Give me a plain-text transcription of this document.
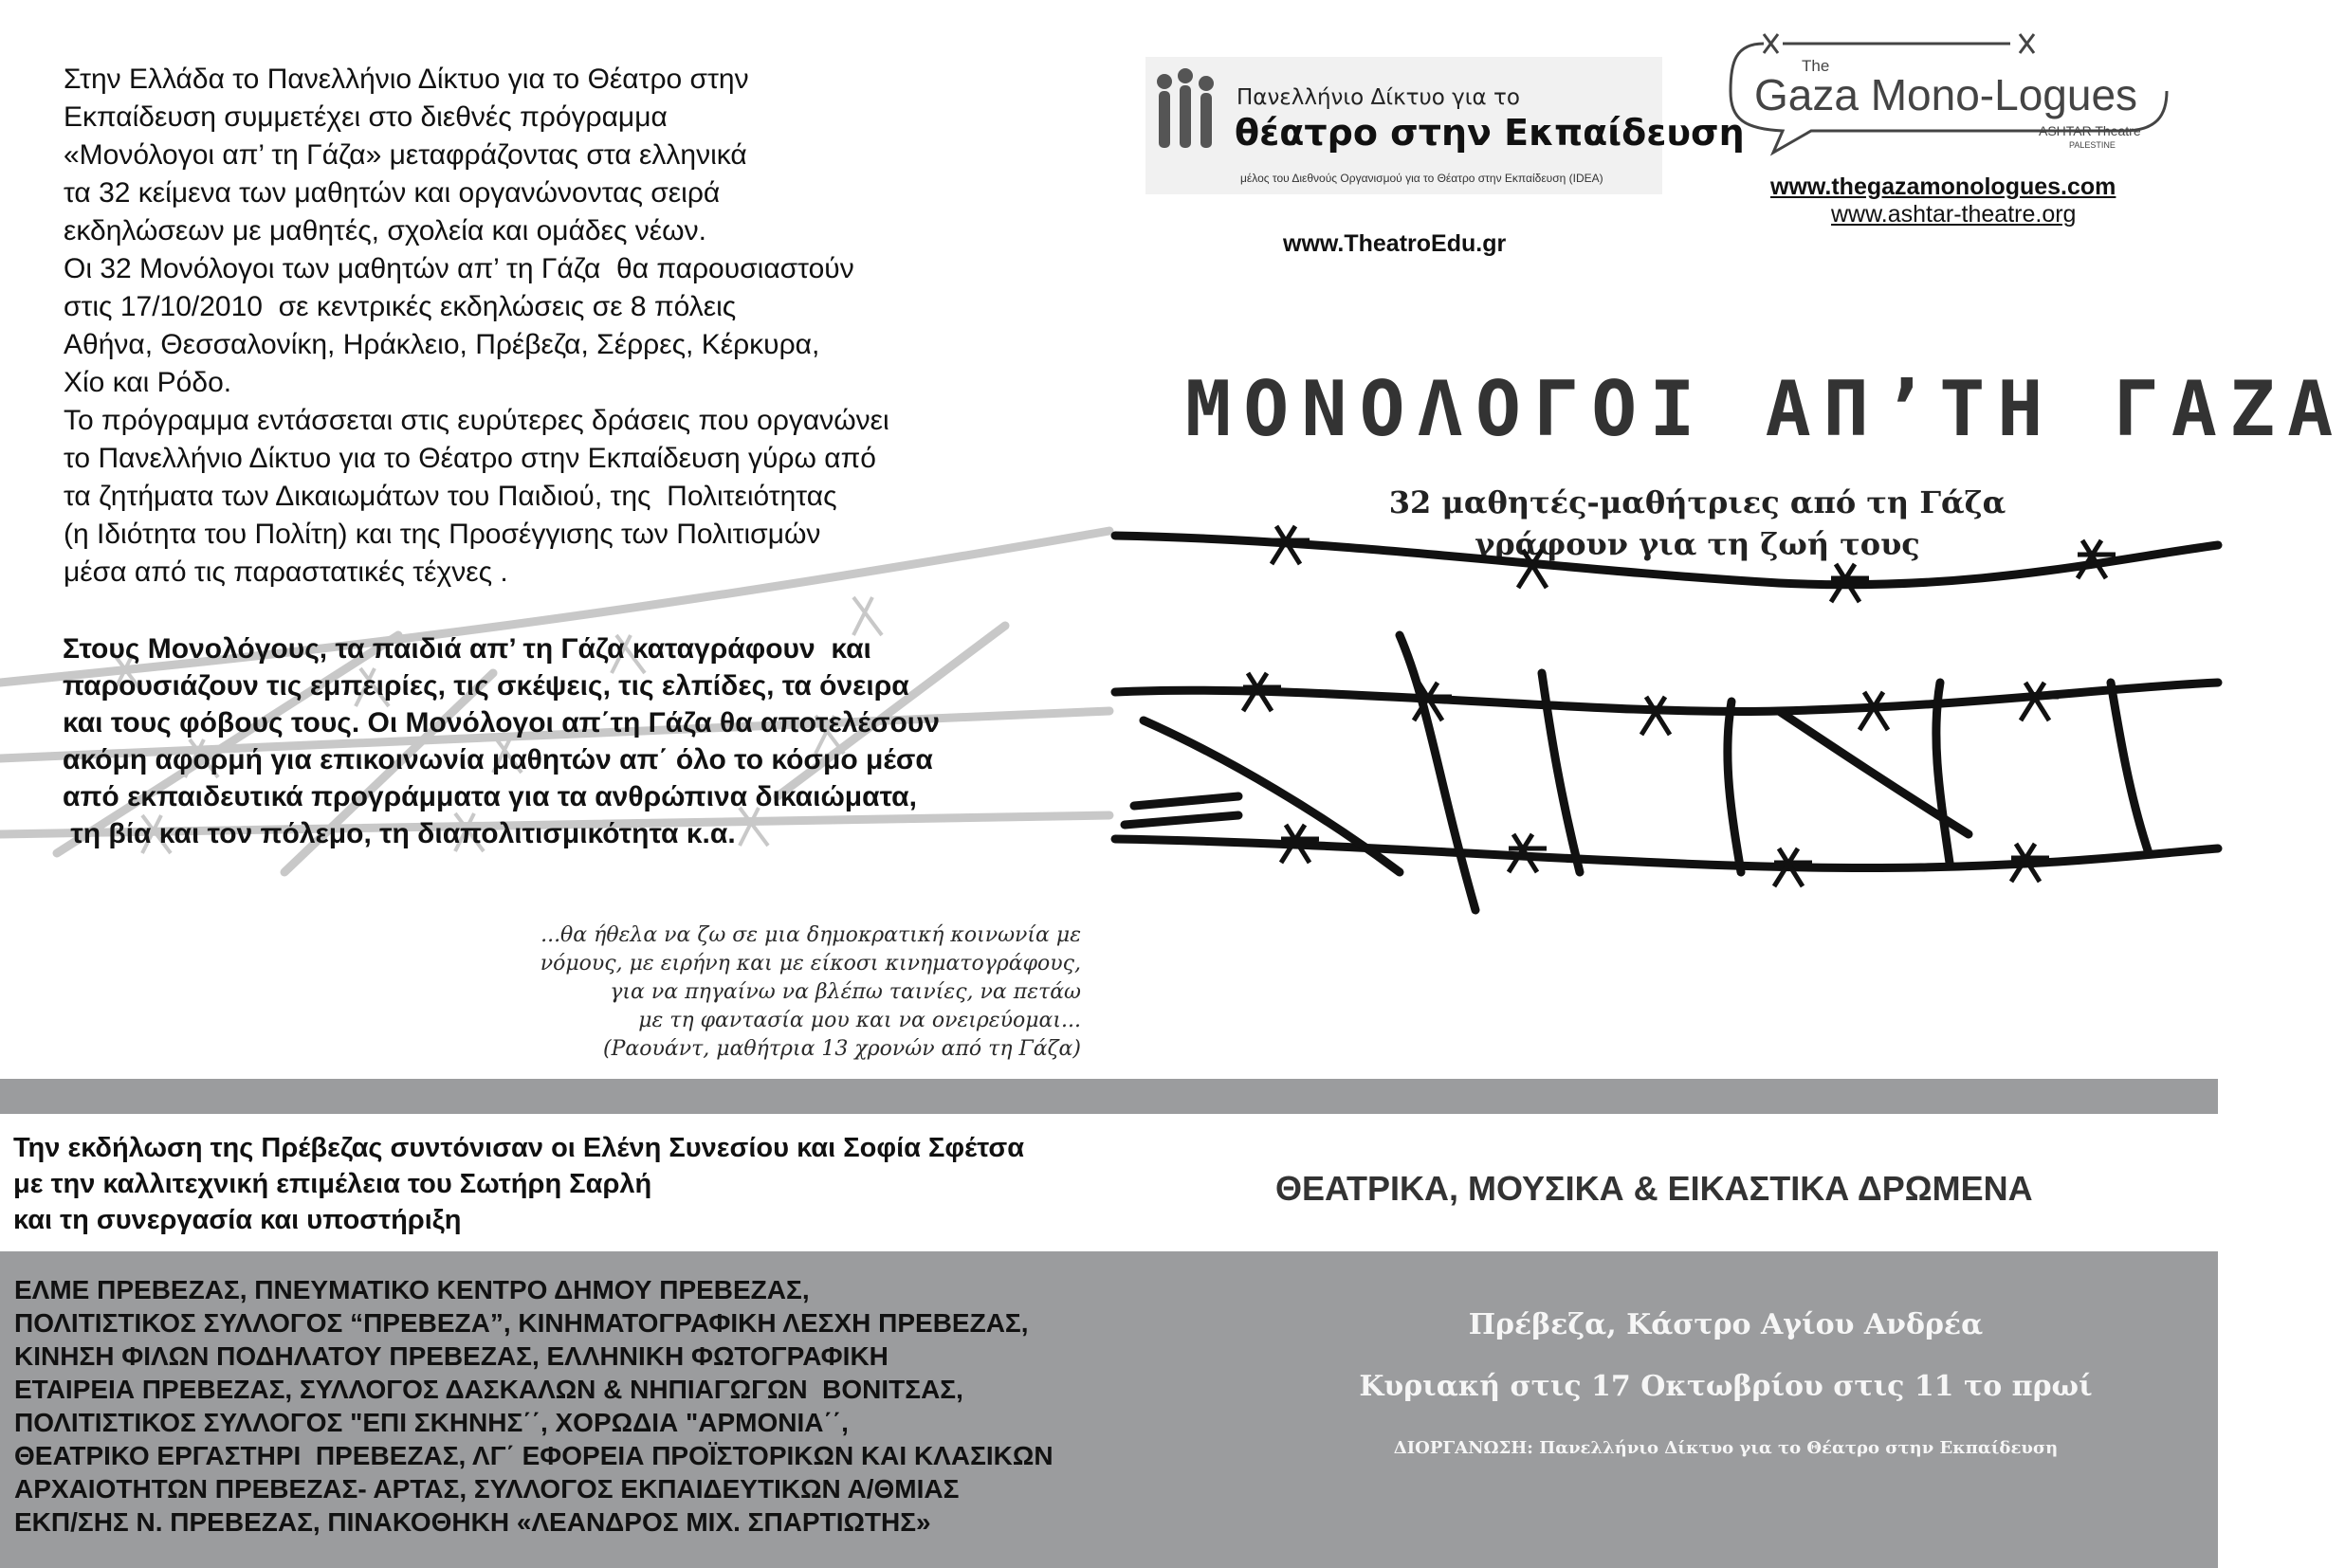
Στην Ελλάδα το Πανελλήνιο Δίκτυο για το Θέατρο στην
Εκπαίδευση συμμετέχει στο διεθνές πρόγραμμα
«Μονόλογοι απ’ τη Γάζα» μεταφράζοντας στα ελληνικά
τα 32 κείμενα των μαθητών και οργανώνοντας σειρά
εκδηλώσεων με μαθητές, σχολεία και ομάδες νέων.
Οι 32 Μονόλογοι των μαθητών απ’ τη Γάζα  θα παρουσιαστούν
στις 17/10/2010  σε κεντρικές εκδηλώσεις σε 8 πόλεις
Αθήνα, Θεσσαλονίκη, Ηράκλειο, Πρέβεζα, Σέρρες, Κέρκυρα,
Χίο και Ρόδο.
Το πρόγραμμα εντάσσεται στις ευρύτερες δράσεις που οργανώνει
το Πανελλήνιο Δίκτυο για το Θέατρο στην Εκπαίδευση γύρω από
τα ζητήματα των Δικαιωμάτων του Παιδιού, της  Πολιτειότητας
(η Ιδιότητα του Πολίτη) και της Προσέγγισης των Πολιτισμών
μέσα από τις παραστατικές τέχνες .
Στους Μονολόγους, τα παιδιά απ’ τη Γάζα καταγράφουν  και
παρουσιάζουν τις εμπειρίες, τις σκέψεις, τις ελπίδες, τα όνειρα
και τους φόβους τους. Οι Μονόλογοι απ΄τη Γάζα θα αποτελέσουν
ακόμη αφορμή για επικοινωνία μαθητών απ΄ όλο το κόσμο μέσα
από εκπαιδευτικά προγράμματα για τα ανθρώπινα δικαιώματα,
τη βία και τον πόλεμο, τη διαπολιτισμικότητα κ.α.
...θα ήθελα να ζω σε μια δημοκρατική κοινωνία με
νόμους, με ειρήνη και με είκοσι κινηματογράφους,
για να πηγαίνω να βλέπω ταινίες, να πετάω
με τη φαντασία μου και να ονειρεύομαι...
(Ραουάντ, μαθήτρια 13 χρονών από τη Γάζα)
Πανελλήνιο Δίκτυο για το
θέατρο στην Εκπαίδευση
μέλος του Διεθνούς Οργανισμού για το Θέατρο στην Εκπαίδευση (IDEA)
www.TheatroEdu.gr
The
Gaza Mono-Logues
ASHTAR Theatre
PALESTINE
www.thegazamonologues.com
www.ashtar-theatre.org
ΜΟΝΟΛΟΓΟΙ ΑΠ’ΤΗ ΓΑΖΑ
32 μαθητές-μαθήτριες από τη Γάζα
γράφουν για τη ζωή τους
Την εκδήλωση της Πρέβεζας συντόνισαν οι Ελένη Συνεσίου και Σοφία Σφέτσα
με την καλλιτεχνική επιμέλεια του Σωτήρη Σαρλή
και τη συνεργασία και υποστήριξη
ΘΕΑΤΡΙΚΑ, ΜΟΥΣΙΚΑ & ΕΙΚΑΣΤΙΚΑ ΔΡΩΜΕΝΑ
ΕΛΜΕ ΠΡΕΒΕΖΑΣ, ΠΝΕΥΜΑΤΙΚΟ ΚΕΝΤΡΟ ΔΗΜΟΥ ΠΡΕΒΕΖΑΣ,
ΠΟΛΙΤΙΣΤΙΚΟΣ ΣΥΛΛΟΓΟΣ “ΠΡΕΒΕΖΑ”, ΚΙΝΗΜΑΤΟΓΡΑΦΙΚΗ ΛΕΣΧΗ ΠΡΕΒΕΖΑΣ,
ΚΙΝΗΣΗ ΦΙΛΩΝ ΠΟΔΗΛΑΤΟΥ ΠΡΕΒΕΖΑΣ, ΕΛΛΗΝΙΚΗ ΦΩΤΟΓΡΑΦΙΚΗ
ΕΤΑΙΡΕΙΑ ΠΡΕΒΕΖΑΣ, ΣΥΛΛΟΓΟΣ ΔΑΣΚΑΛΩΝ & ΝΗΠΙΑΓΩΓΩΝ  ΒΟΝΙΤΣΑΣ,
ΠΟΛΙΤΙΣΤΙΚΟΣ ΣΥΛΛΟΓΟΣ "ΕΠΙ ΣΚΗΝΗΣ΄΄, ΧΟΡΩΔΙΑ "ΑΡΜΟΝΙΑ΄΄,
ΘΕΑΤΡΙΚΟ ΕΡΓΑΣΤΗΡΙ  ΠΡΕΒΕΖΑΣ, ΛΓ΄ ΕΦΟΡΕΙΑ ΠΡΟΪΣΤΟΡΙΚΩΝ ΚΑΙ ΚΛΑΣΙΚΩΝ
ΑΡΧΑΙΟΤΗΤΩΝ ΠΡΕΒΕΖΑΣ- ΑΡΤΑΣ, ΣΥΛΛΟΓΟΣ ΕΚΠΑΙΔΕΥΤΙΚΩΝ Α/ΘΜΙΑΣ
ΕΚΠ/ΣΗΣ Ν. ΠΡΕΒΕΖΑΣ, ΠΙΝΑΚΟΘΗΚΗ «ΛΕΑΝΔΡΟΣ ΜΙΧ. ΣΠΑΡΤΙΩΤΗΣ»
Πρέβεζα, Κάστρο Αγίου Ανδρέα
Κυριακή στις 17 Οκτωβρίου στις 11 το πρωί
ΔΙΟΡΓΑΝΩΣΗ: Πανελλήνιο Δίκτυο για το Θέατρο στην Εκπαίδευση
